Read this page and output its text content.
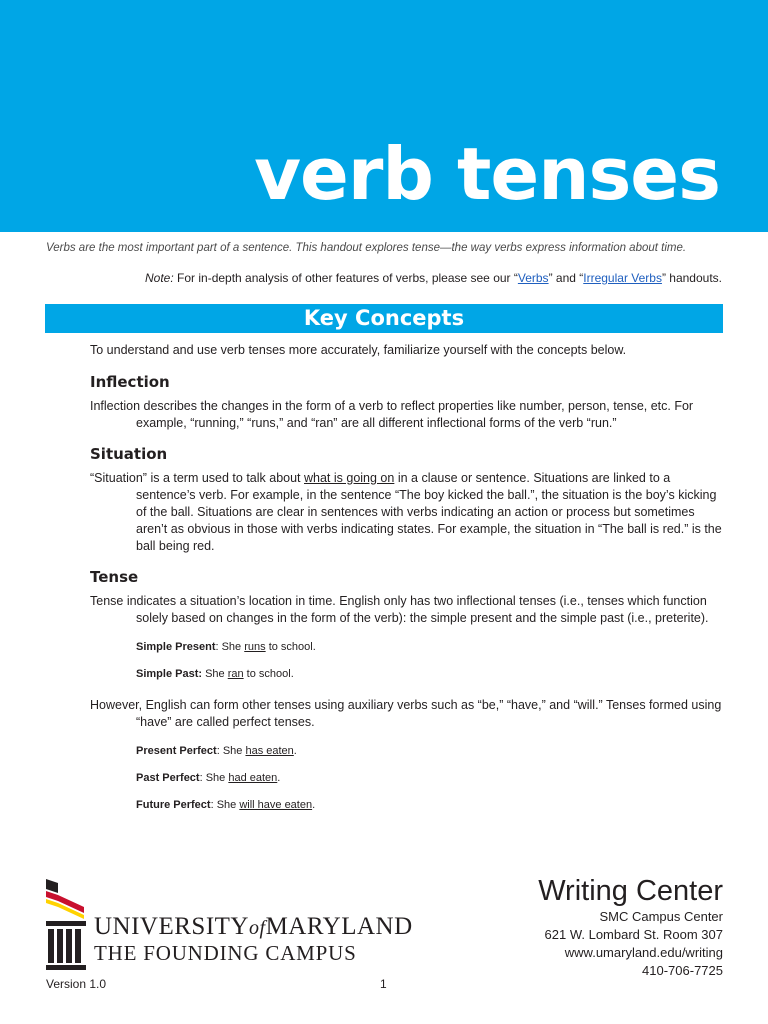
verb tenses
Verbs are the most important part of a sentence. This handout explores tense—the way verbs express information about time.
Note: For in-depth analysis of other features of verbs, please see our “Verbs” and “Irregular Verbs” handouts.
Key Concepts

To understand and use verb tenses more accurately, familiarize yourself with the concepts below.

Inflection

Inflection describes the changes in the form of a verb to reflect properties like number, person, tense, etc. For example, “running,” “runs,” and “ran” are all different inflectional forms of the verb “run.”

Situation

“Situation” is a term used to talk about what is going on in a clause or sentence. Situations are linked to a sentence’s verb. For example, in the sentence “The boy kicked the ball.”, the situation is the boy’s kicking of the ball. Situations are clear in sentences with verbs indicating an action or process but sometimes aren’t as obvious in those with verbs indicating states. For example, the situation in “The ball is red.” is the ball being red.

Tense

Tense indicates a situation’s location in time. English only has two inflectional tenses (i.e., tenses which function solely based on changes in the form of the verb): the simple present and the simple past (i.e., preterite).

Simple Present: She runs to school.

Simple Past: She ran to school.

However, English can form other tenses using auxiliary verbs such as “be,” “have,” and “will.” Tenses formed using “have” are called perfect tenses.

Present Perfect: She has eaten.

Past Perfect: She had eaten.

Future Perfect: She will have eaten.

UNIVERSITYofMARYLAND
THE FOUNDING CAMPUS
Version 1.0	1
Writing Center
SMC Campus Center
621 W. Lombard St. Room 307
www.umaryland.edu/writing
410-706-7725
